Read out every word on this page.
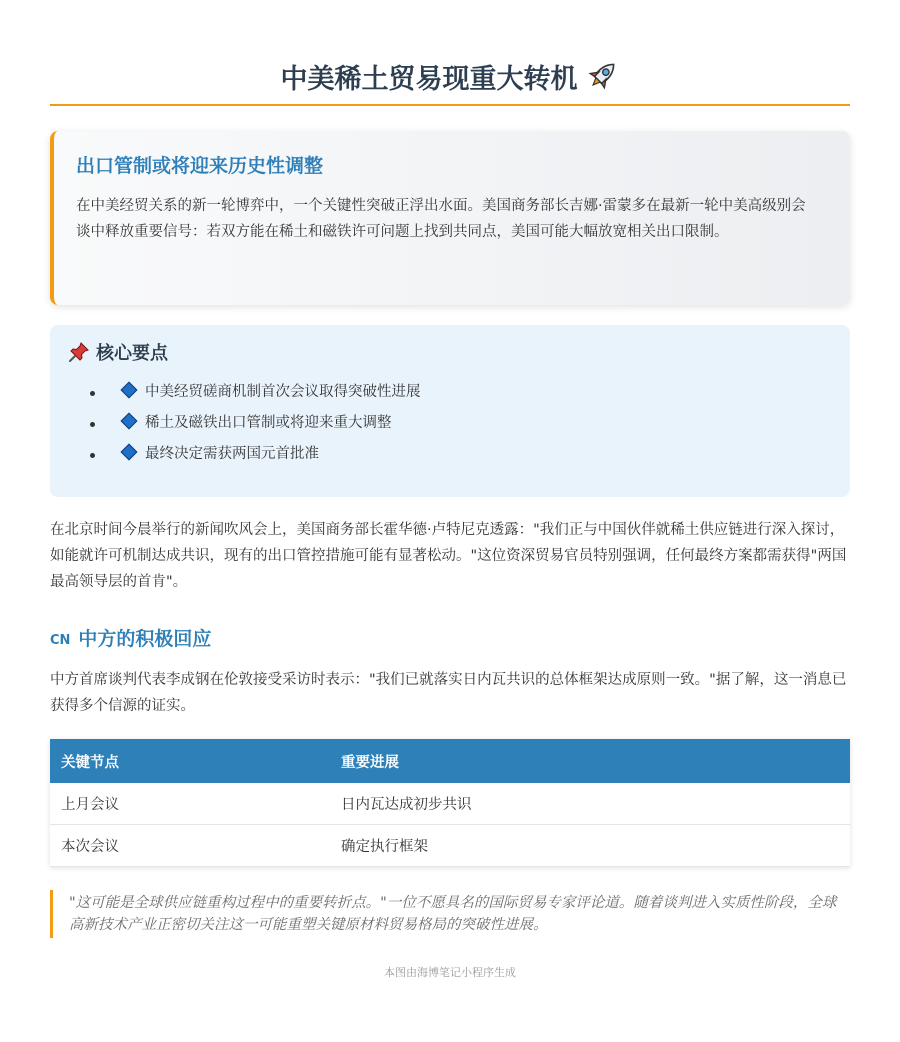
中美稀土贸易现重大转机
出口管制或将迎来历史性调整

在中美经贸关系的新一轮博弈中，一个关键性突破正浮出水面。美国商务部长吉娜·雷蒙多在最新一轮中美高级别会谈中释放重要信号：若双方能在稀土和磁铁许可问题上找到共同点，美国可能大幅放宽相关出口限制。

核心要点
中美经贸磋商机制首次会议取得突破性进展
稀土及磁铁出口管制或将迎来重大调整
最终决定需获两国元首批准

在北京时间今晨举行的新闻吹风会上，美国商务部长霍华德·卢特尼克透露："我们正与中国伙伴就稀土供应链进行深入探讨，如能就许可机制达成共识，现有的出口管控措施可能有显著松动。"这位资深贸易官员特别强调，任何最终方案都需获得"两国最高领导层的首肯"。

CN 中方的积极回应

中方首席谈判代表李成钢在伦敦接受采访时表示："我们已就落实日内瓦共识的总体框架达成原则一致。"据了解，这一消息已获得多个信源的证实。

关键节点	重要进展
上月会议	日内瓦达成初步共识
本次会议	确定执行框架
"这可能是全球供应链重构过程中的重要转折点。"一位不愿具名的国际贸易专家评论道。随着谈判进入实质性阶段，全球高新技术产业正密切关注这一可能重塑关键原材料贸易格局的突破性进展。

本图由海博笔记小程序生成
